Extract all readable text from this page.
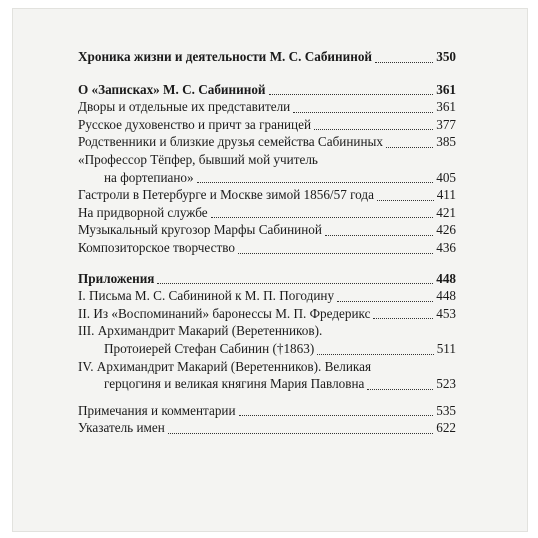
Хроника жизни и деятельности М. С. Сабининой	350
О «Записках» М. С. Сабининой	361
Дворы и отдельные их представители	361
Русское духовенство и причт за границей	377
Родственники и близкие друзья семейства Сабининых	385
«Профессор Тёпфер, бывший мой учитель
на фортепиано»	405
Гастроли в Петербурге и Москве зимой 1856/57 года	411
На придворной службе	421
Музыкальный кругозор Марфы Сабининой	426
Композиторское творчество	436
Приложения	448
I. Письма М. С. Сабининой к М. П. Погодину	448
II. Из «Воспоминаний» баронессы М. П. Фредерикс	453
III. Архимандрит Макарий (Веретенников).
Протоиерей Стефан Сабинин (†1863)	511
IV. Архимандрит Макарий (Веретенников). Великая
герцогиня и великая княгиня Мария Павловна	523
Примечания и комментарии	535
Указатель имен	622
